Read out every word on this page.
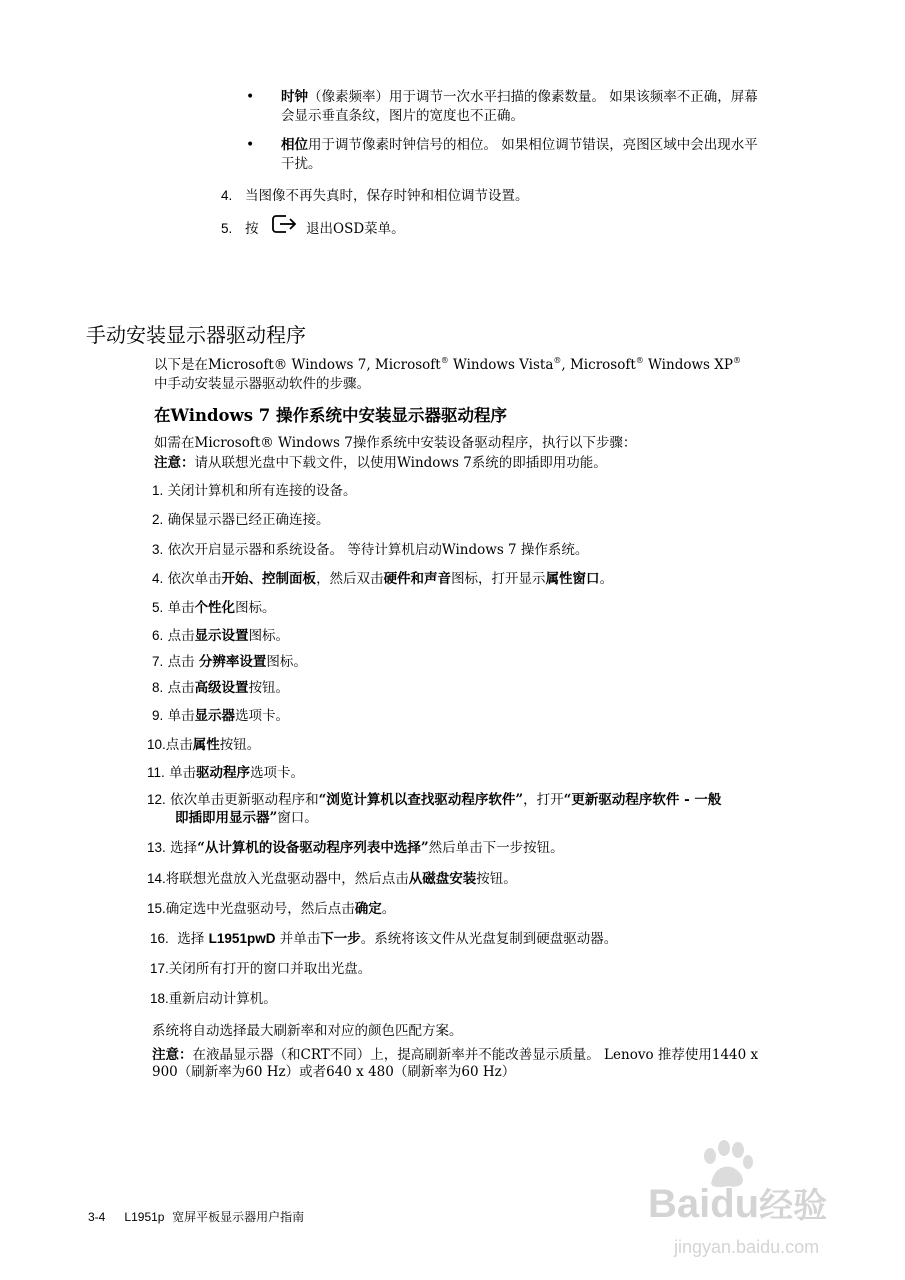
• 时钟（像素频率）用于调节一次水平扫描的像素数量。 如果该频率不正确，屏幕
会显示垂直条纹，图片的宽度也不正确。
• 相位用于调节像素时钟信号的相位。 如果相位调节错误，亮图区域中会出现水平
干扰。
4. 当图像不再失真时，保存时钟和相位调节设置。
5. 按	退出OSD菜单。
手动安装显示器驱动程序
以下是在Microsoft® Windows 7, Microsoft® Windows Vista®, Microsoft® Windows XP®
中手动安装显示器驱动软件的步骤。
在Windows 7 操作系统中安装显示器驱动程序
如需在Microsoft® Windows 7操作系统中安装设备驱动程序，执行以下步骤：
注意：请从联想光盘中下载文件，以使用Windows 7系统的即插即用功能。
1. 关闭计算机和所有连接的设备。
2. 确保显示器已经正确连接。
3. 依次开启显示器和系统设备。 等待计算机启动Windows 7 操作系统。
4. 依次单击开始、控制面板，然后双击硬件和声音图标，打开显示属性窗口。
5. 单击个性化图标。
6. 点击显示设置图标。
7. 点击 分辨率设置图标。
8. 点击高级设置按钮。
9. 单击显示器选项卡。
10.点击属性按钮。
11. 单击驱动程序选项卡。
12. 依次单击更新驱动程序和“浏览计算机以查找驱动程序软件”，打开“更新驱动程序软件 - 一般
即插即用显示器”窗口。
13. 选择“从计算机的设备驱动程序列表中选择”然后单击下一步按钮。
14.将联想光盘放入光盘驱动器中，然后点击从磁盘安装按钮。
15.确定选中光盘驱动号，然后点击确定。
16. 选择 L1951pwD 并单击下一步。系统将该文件从光盘复制到硬盘驱动器。
17.关闭所有打开的窗口并取出光盘。
18.重新启动计算机。
系统将自动选择最大刷新率和对应的颜色匹配方案。
注意：在液晶显示器（和CRT不同）上，提高刷新率并不能改善显示质量。 Lenovo 推荐使用1440 x
900（刷新率为60 Hz）或者640 x 480（刷新率为60 Hz）
3-4 L1951p 宽屏平板显示器用户指南	Baidu经验
jingyan.baidu.com
